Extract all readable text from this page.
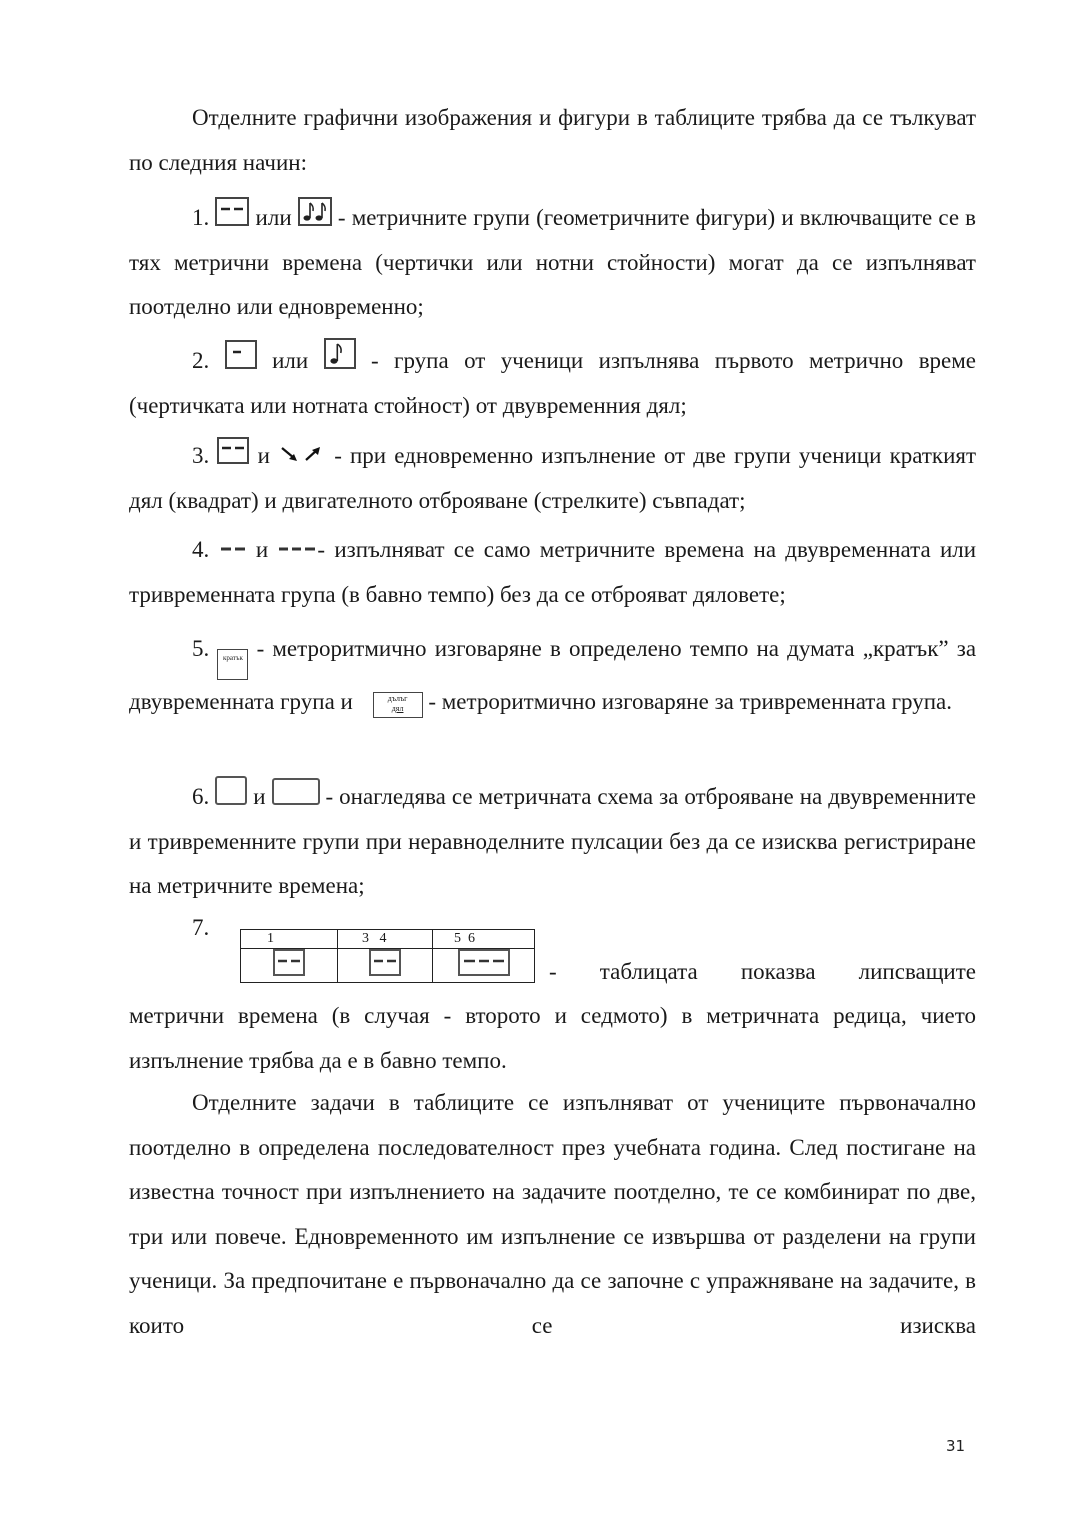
Отделните графични изображения и фигури в таблиците трябва да се тълкуват по следния начин:

1. или - метричните групи (геометричните фигури) и включващите се в тях метрични времена (чертички или нотни стойности) могат да се изпълняват поотделно или едновременно;

2.	или	- група от ученици изпълнява първото метрично време (чертичката или нотната стойност) от двувременния дял;

3. и	- при едновременно изпълнение от две групи ученици краткият дял (квадрат) и двигателното отброяване (стрелките) съвпадат;

4. и - изпълняват се само метричните времена на двувременната или тривременната група (в бавно темпо) без да се отброяват дяловете;

5. кратък - метроритмично изговаряне в определено темпо на думата „кратък” за двувременната група и	дълъг
дял - метроритмично изговаряне за тривременната група.

6. и	- онагледява се метричната схема за отброяване на двувременните и тривременните групи при неравноделните пулсации без да се изисква регистриране на метричните времена;

7.	1	3   4	5  6

- таблицата показва липсващите

метрични времена (в случая - второто и седмото) в метричната редица, чието изпълнение трябва да е в бавно темпо.

Отделните задачи в таблиците се изпълняват от учениците първоначално поотделно в определена последователност през учебната година. След постигане на известна точност при изпълнението на задачите поотделно, те се комбинират по две, три или повече. Едновременното им изпълнение се извършва от разделени на групи ученици. За предпочитане е първоначално да се започне с упражняване на задачите, в които се изисква

31
